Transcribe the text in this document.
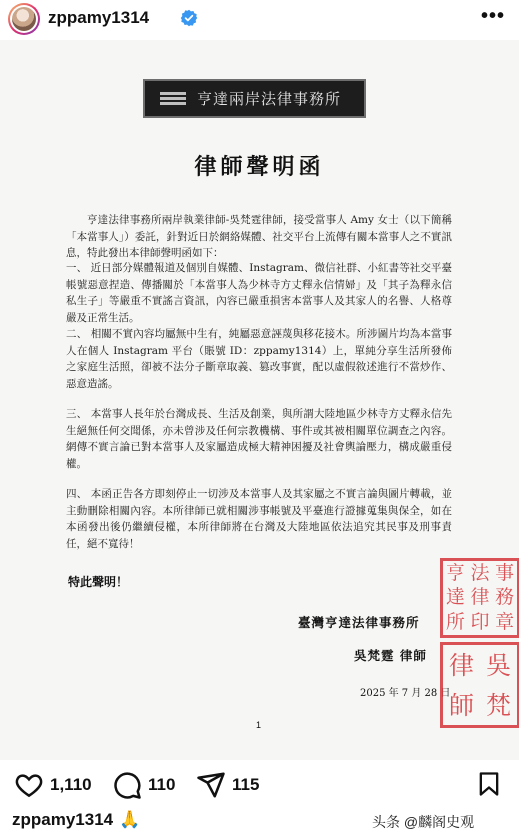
zppamy1314	•••
亨達兩岸法律事務所
律師聲明函

亨達法律事務所兩岸執業律師-吳梵霆律師，接受當事人 Amy 女士（以下簡稱「本當事人」）委託，針對近日於網絡媒體、社交平台上流傳有關本當事人之不實訊息，特此發出本律師聲明函如下：

一、 近日部分媒體報道及個別自媒體、Instagram、微信社群、小紅書等社交平臺帳號惡意捏造、傳播關於「本當事人為少林寺方丈釋永信情婦」及「其子為釋永信私生子」等嚴重不實謠言資訊，內容已嚴重損害本當事人及其家人的名譽、人格尊嚴及正常生活。

二、 相關不實內容均屬無中生有，純屬惡意誣蔑與移花接木。所涉圖片均為本當事人在個人 Instagram 平台（賬號 ID：zppamy1314）上，單純分享生活所發佈之家庭生活照，卻被不法分子斷章取義、篡改事實，配以虛假敘述進行不當炒作、惡意造謠。

三、 本當事人長年於台灣成長、生活及創業，與所謂大陸地區少林寺方丈釋永信先生絕無任何交聞係，亦未曾涉及任何宗教機構、事件或其被相關單位調查之內容。網傳不實言論已對本當事人及家屬造成極大精神困擾及社會輿論壓力，構成嚴重侵權。

四、 本函正告各方即刻停止一切涉及本當事人及其家屬之不實言論與圖片轉載，並主動刪除相關內容。本所律師已就相關涉事帳號及平臺進行證據蒐集與保全，如在本函發出後仍繼續侵權，本所律師將在台灣及大陸地區依法追究其民事及刑事責任，絕不寬待！

特此聲明！
臺灣亨達法律事務所
吳梵霆 律師
2025 年 7 月 28 日
1
亨 法 事
達 律 務
所 印 章
律 吳
師 梵
1,110	110	115
zppamy1314 🙏	头条 @麟阁史观
